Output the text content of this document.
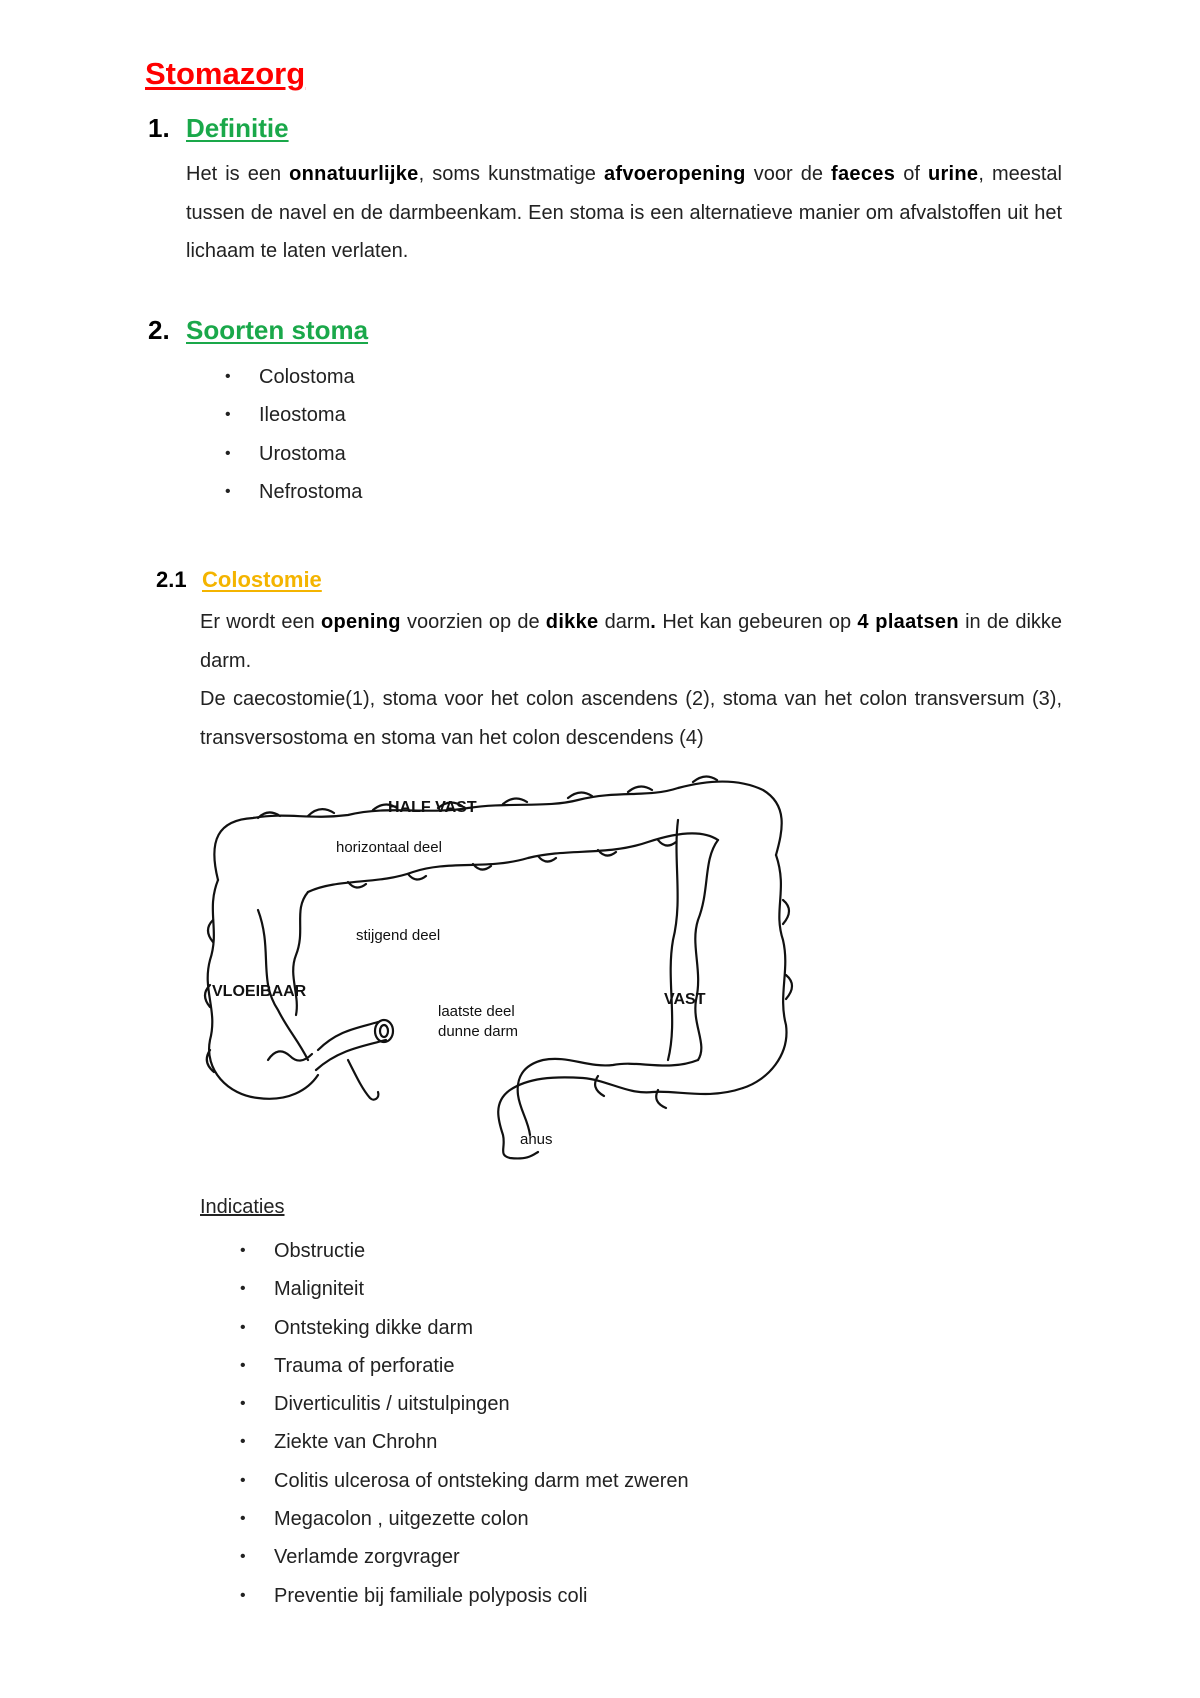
Stomazorg
1. Definitie

Het is een onnatuurlijke, soms kunstmatige afvoeropening voor de faeces of urine, meestal tussen de navel en de darmbeenkam. Een stoma is een alternatieve manier om afvalstoffen uit het lichaam te laten verlaten.

2. Soorten stoma
• Colostoma
• Ileostoma
• Urostoma
• Nefrostoma
2.1 Colostomie

Er wordt een opening voorzien op de dikke darm. Het kan gebeuren op 4 plaatsen in de dikke darm.

De caecostomie(1), stoma voor het colon ascendens (2), stoma van het colon transversum (3), transversostoma en stoma van het colon descendens (4)

HALF VAST
horizontaal deel
stijgend deel
VLOEIBAAR
laatste deel
dunne darm
VAST
anus

Indicaties

• Obstructie
• Maligniteit
• Ontsteking dikke darm
• Trauma of perforatie
• Diverticulitis / uitstulpingen
• Ziekte van Chrohn
• Colitis ulcerosa of ontsteking darm met zweren
• Megacolon , uitgezette colon
• Verlamde zorgvrager
• Preventie bij familiale polyposis coli
